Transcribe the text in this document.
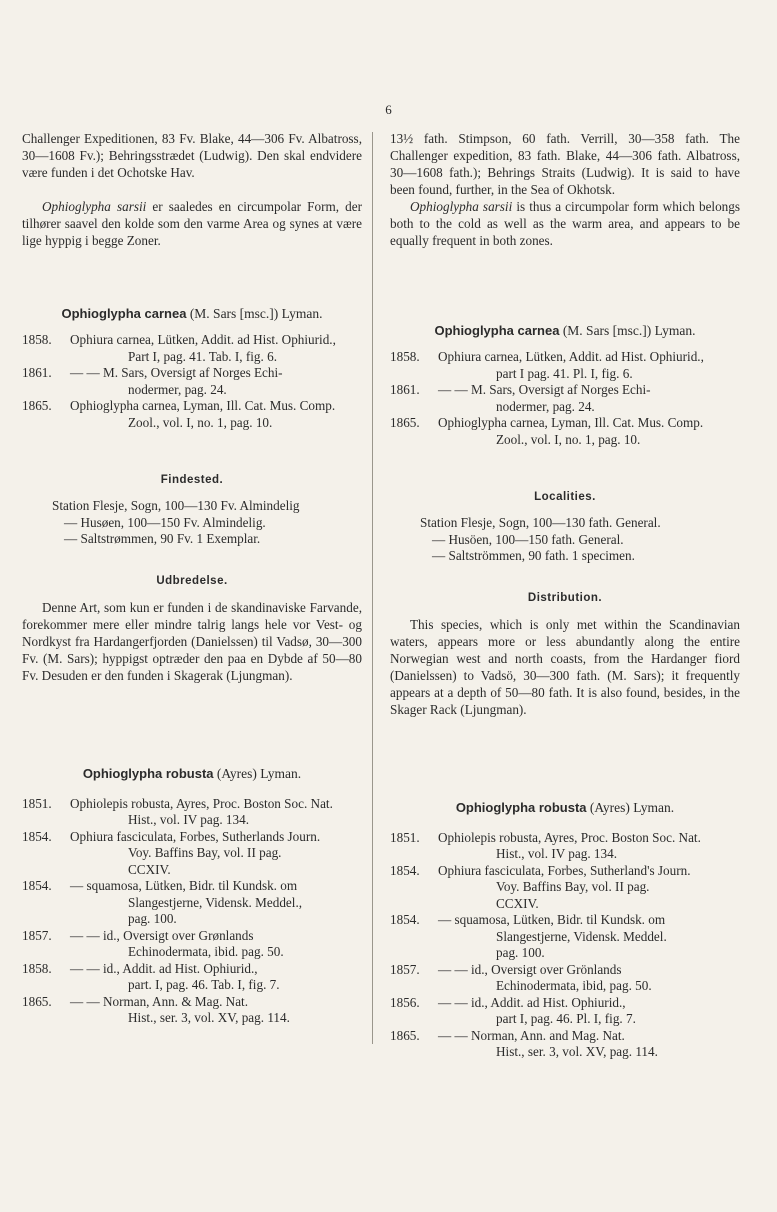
6

Challenger Expeditionen, 83 Fv. Blake, 44—306 Fv. Albatross, 30—1608 Fv.); Behringsstrædet (Ludwig). Den skal endvidere være funden i det Ochotske Hav.

Ophioglypha sarsii er saaledes en circumpolar Form, der tilhører saavel den kolde som den varme Area og synes at være lige hyppig i begge Zoner.

Ophioglypha carnea (M. Sars [msc.]) Lyman.
1858.	Ophiura carnea, Lütken, Addit. ad Hist. Ophiurid.,
Part I, pag. 41. Tab. I, fig. 6.
1861.	— — M. Sars, Oversigt af Norges Echi-
nodermer, pag. 24.
1865.	Ophioglypha carnea, Lyman, Ill. Cat. Mus. Comp.
Zool., vol. I, no. 1, pag. 10.
Findested.
Station Flesje, Sogn, 100—130 Fv. Almindelig
— Husøen, 100—150 Fv. Almindelig.
— Saltstrømmen, 90 Fv. 1 Exemplar.
Udbredelse.

Denne Art, som kun er funden i de skandinaviske Farvande, forekommer mere eller mindre talrig langs hele vor Vest- og Nordkyst fra Hardangerfjorden (Danielssen) til Vadsø, 30—300 Fv. (M. Sars); hyppigst optræder den paa en Dybde af 50—80 Fv. Desuden er den funden i Skagerak (Ljungman).

Ophioglypha robusta (Ayres) Lyman.
1851.	Ophiolepis robusta, Ayres, Proc. Boston Soc. Nat.
Hist., vol. IV pag. 134.
1854.	Ophiura fasciculata, Forbes, Sutherlands Journ.
Voy. Baffins Bay, vol. II pag.
CCXIV.
1854.	— squamosa, Lütken, Bidr. til Kundsk. om
Slangestjerne, Vidensk. Meddel.,
pag. 100.
1857.	— — id., Oversigt over Grønlands
Echinodermata, ibid. pag. 50.
1858.	— — id., Addit. ad Hist. Ophiurid.,
part. I, pag. 46. Tab. I, fig. 7.
1865.	— — Norman, Ann. & Mag. Nat.
Hist., ser. 3, vol. XV, pag. 114.

13½ fath. Stimpson, 60 fath. Verrill, 30—358 fath. The Challenger expedition, 83 fath. Blake, 44—306 fath. Albatross, 30—1608 fath.); Behrings Straits (Ludwig). It is said to have been found, further, in the Sea of Okhotsk.

Ophioglypha sarsii is thus a circumpolar form which belongs both to the cold as well as the warm area, and appears to be equally frequent in both zones.

Ophioglypha carnea (M. Sars [msc.]) Lyman.
1858.	Ophiura carnea, Lütken, Addit. ad Hist. Ophiurid.,
part I pag. 41. Pl. I, fig. 6.
1861.	— — M. Sars, Oversigt af Norges Echi-
nodermer, pag. 24.
1865.	Ophioglypha carnea, Lyman, Ill. Cat. Mus. Comp.
Zool., vol. I, no. 1, pag. 10.
Localities.
Station Flesje, Sogn, 100—130 fath. General.
— Husöen, 100—150 fath. General.
— Saltströmmen, 90 fath. 1 specimen.
Distribution.

This species, which is only met within the Scandinavian waters, appears more or less abundantly along the entire Norwegian west and north coasts, from the Hardanger fiord (Danielssen) to Vadsö, 30—300 fath. (M. Sars); it frequently appears at a depth of 50—80 fath. It is also found, besides, in the Skager Rack (Ljungman).

Ophioglypha robusta (Ayres) Lyman.
1851.	Ophiolepis robusta, Ayres, Proc. Boston Soc. Nat.
Hist., vol. IV pag. 134.
1854.	Ophiura fasciculata, Forbes, Sutherland's Journ.
Voy. Baffins Bay, vol. II pag.
CCXIV.
1854.	— squamosa, Lütken, Bidr. til Kundsk. om
Slangestjerne, Vidensk. Meddel.
pag. 100.
1857.	— — id., Oversigt over Grönlands
Echinodermata, ibid, pag. 50.
1856.	— — id., Addit. ad Hist. Ophiurid.,
part I, pag. 46. Pl. I, fig. 7.
1865.	— — Norman, Ann. and Mag. Nat.
Hist., ser. 3, vol. XV, pag. 114.
